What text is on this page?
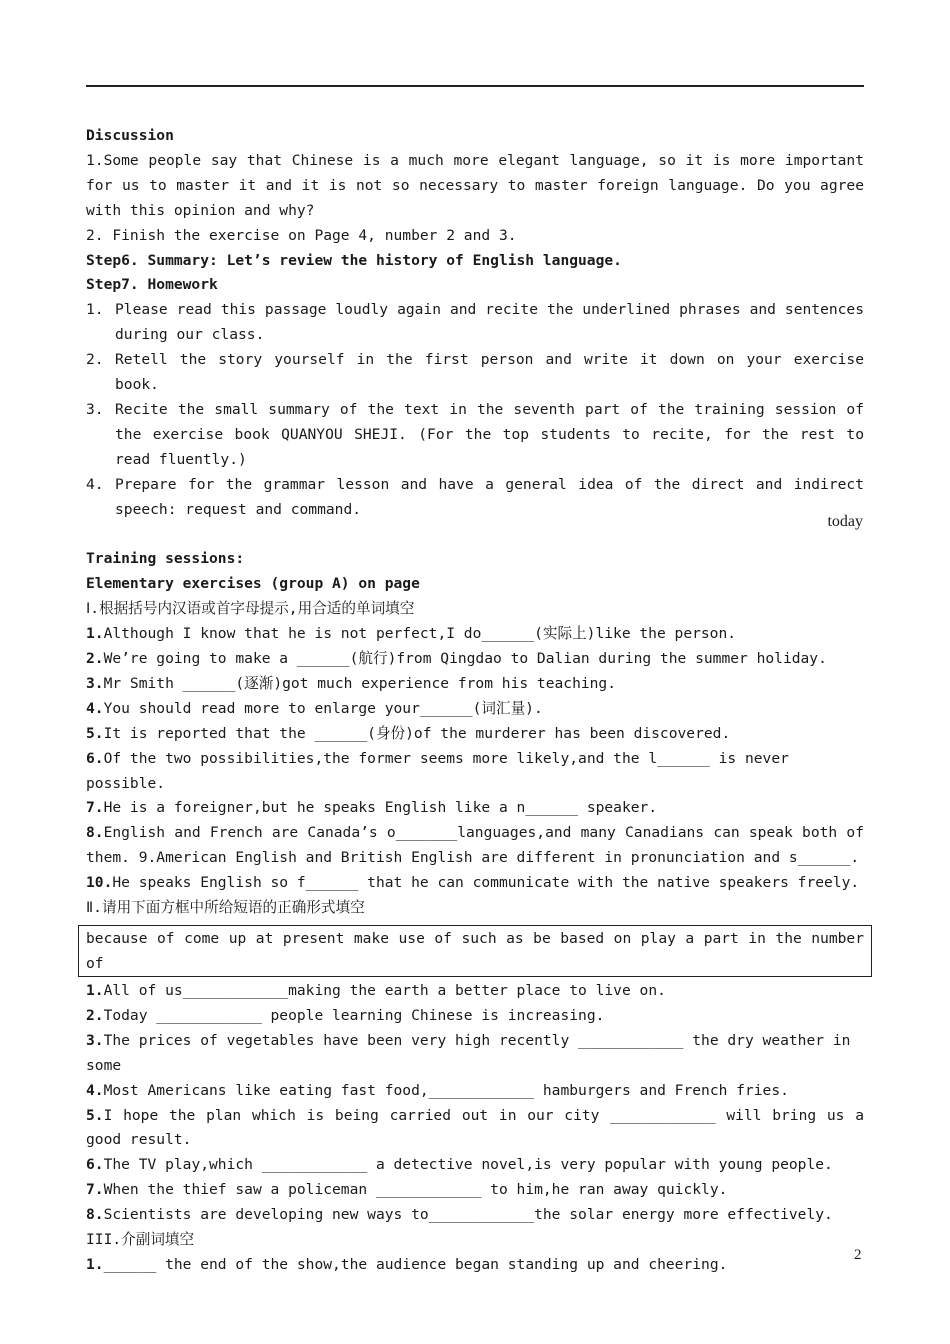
Discussion
1.Some people say that Chinese is a much more elegant language, so it is more important for us to master it and it is not so necessary to master foreign language. Do you agree with this opinion and why?
2. Finish the exercise on Page 4, number 2 and 3.
Step6. Summary: Let’s review the history of English language.
Step7. Homework
1. Please read this passage loudly again and recite the underlined phrases and sentences during our class.
2. Retell the story yourself in the first person and write it down on your exercise book.
3. Recite the small summary of the text in the seventh part of the training session of the exercise book QUANYOU SHEJI. (For the top students to recite, for the rest to read fluently.)
4. Prepare for the grammar lesson and have a general idea of the direct and indirect speech: request and command.
Training sessions:
Elementary exercises (group A) on page
Ⅰ.根据括号内汉语或首字母提示,用合适的单词填空
1.Although I know that he is not perfect,I do______(实际上)like the person.
2.We’re going to make a ______(航行)from Qingdao to Dalian during the summer holiday.
3.Mr Smith ______(逐渐)got much experience from his teaching.
4.You should read more to enlarge your______(词汇量).
5.It is reported that the ______(身份)of the murderer has been discovered.
6.Of the two possibilities,the former seems more likely,and the l______ is never possible.
7.He is a foreigner,but he speaks English like a n______ speaker.
8.English and French are Canada’s o_______languages,and many Canadians can speak both of them. 9.American English and British English are different in pronunciation and s______.
10.He speaks English so f______ that he can communicate with the native speakers freely.
Ⅱ.请用下面方框中所给短语的正确形式填空
because of come up at present make use of such as be based on play a part in the number of
1.All of us____________making the earth a better place to live on.
2.Today ____________ people learning Chinese is increasing.
3.The prices of vegetables have been very high recently ____________ the dry weather in some
4.Most Americans like eating fast food,____________ hamburgers and French fries.
5.I hope the plan which is being carried out in our city ____________ will bring us a good result.
6.The TV play,which ____________ a detective novel,is very popular with young people.
7.When the thief saw a policeman ____________ to him,he ran away quickly.
8.Scientists are developing new ways to____________the solar energy more effectively.
III.介副词填空
1.______ the end of the show,the audience began standing up and cheering.
today
2
